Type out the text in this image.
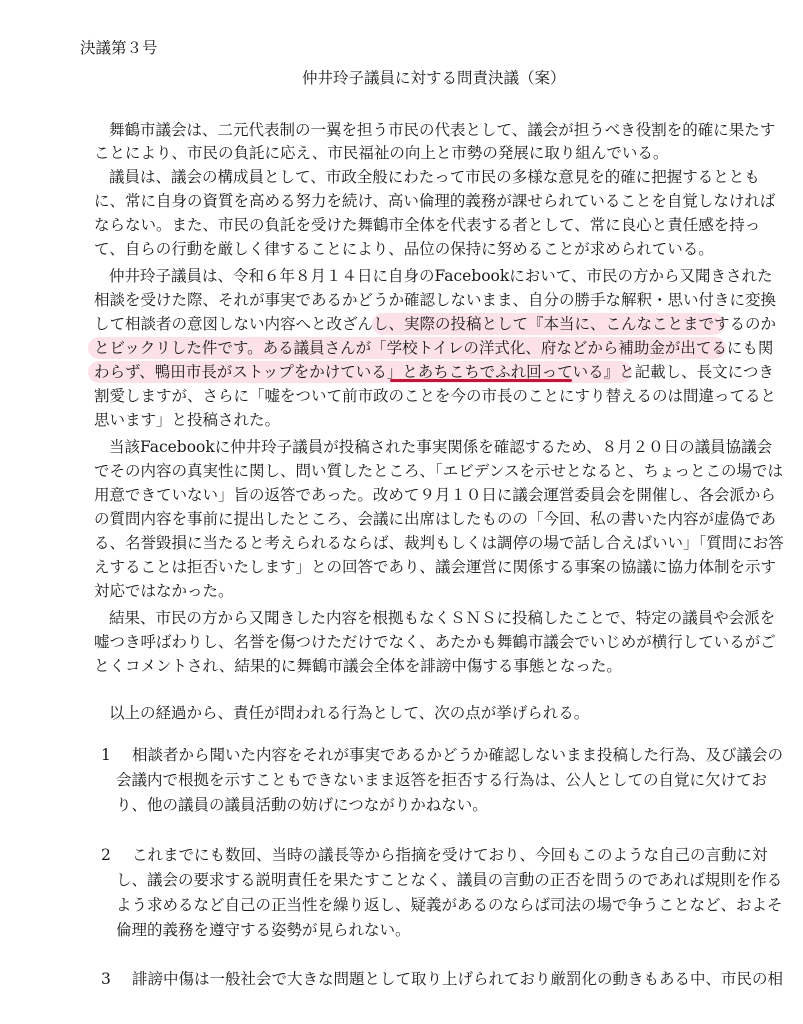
決議第３号
仲井玲子議員に対する問責決議（案）
舞鶴市議会は、二元代表制の一翼を担う市民の代表として、議会が担うべき役割を的確に果たす
ことにより、市民の負託に応え、市民福祉の向上と市勢の発展に取り組んでいる。
議員は、議会の構成員として、市政全般にわたって市民の多様な意見を的確に把握するととも
に、常に自身の資質を高める努力を続け、高い倫理的義務が課せられていることを自覚しなければ
ならない。また、市民の負託を受けた舞鶴市全体を代表する者として、常に良心と責任感を持っ
て、自らの行動を厳しく律することにより、品位の保持に努めることが求められている。
仲井玲子議員は、令和６年８月１４日に自身のFacebookにおいて、市民の方から又聞きされた
相談を受けた際、それが事実であるかどうか確認しないまま、自分の勝手な解釈・思い付きに変換
して相談者の意図しない内容へと改ざんし、実際の投稿として『本当に、こんなことまでするのか
とビックリした件です。ある議員さんが「学校トイレの洋式化、府などから補助金が出てるにも関
わらず、鴨田市長がストップをかけている」とあちこちでふれ回っている』と記載し、長文につき
割愛しますが、さらに「嘘をついて前市政のことを今の市長のことにすり替えるのは間違ってると
思います」と投稿された。
当該Facebookに仲井玲子議員が投稿された事実関係を確認するため、８月２０日の議員協議会
でその内容の真実性に関し、問い質したところ、「エビデンスを示せとなると、ちょっとこの場では
用意できていない」旨の返答であった。改めて９月１０日に議会運営委員会を開催し、各会派から
の質問内容を事前に提出したところ、会議に出席はしたものの「今回、私の書いた内容が虚偽であ
る、名誉毀損に当たると考えられるならば、裁判もしくは調停の場で話し合えばいい」「質問にお答
えすることは拒否いたします」との回答であり、議会運営に関係する事案の協議に協力体制を示す
対応ではなかった。
結果、市民の方から又聞きした内容を根拠もなくＳＮＳに投稿したことで、特定の議員や会派を
嘘つき呼ばわりし、名誉を傷つけただけでなく、あたかも舞鶴市議会でいじめが横行しているがご
とくコメントされ、結果的に舞鶴市議会全体を誹謗中傷する事態となった。
以上の経過から、責任が問われる行為として、次の点が挙げられる。
1 相談者から聞いた内容をそれが事実であるかどうか確認しないまま投稿した行為、及び議会の
会議内で根拠を示すこともできないまま返答を拒否する行為は、公人としての自覚に欠けてお
り、他の議員の議員活動の妨げにつながりかねない。
2 これまでにも数回、当時の議長等から指摘を受けており、今回もこのような自己の言動に対
し、議会の要求する説明責任を果たすことなく、議員の言動の正否を問うのであれば規則を作る
よう求めるなど自己の正当性を繰り返し、疑義があるのならば司法の場で争うことなど、およそ
倫理的義務を遵守する姿勢が見られない。
3 誹謗中傷は一般社会で大きな問題として取り上げられており厳罰化の動きもある中、市民の相
